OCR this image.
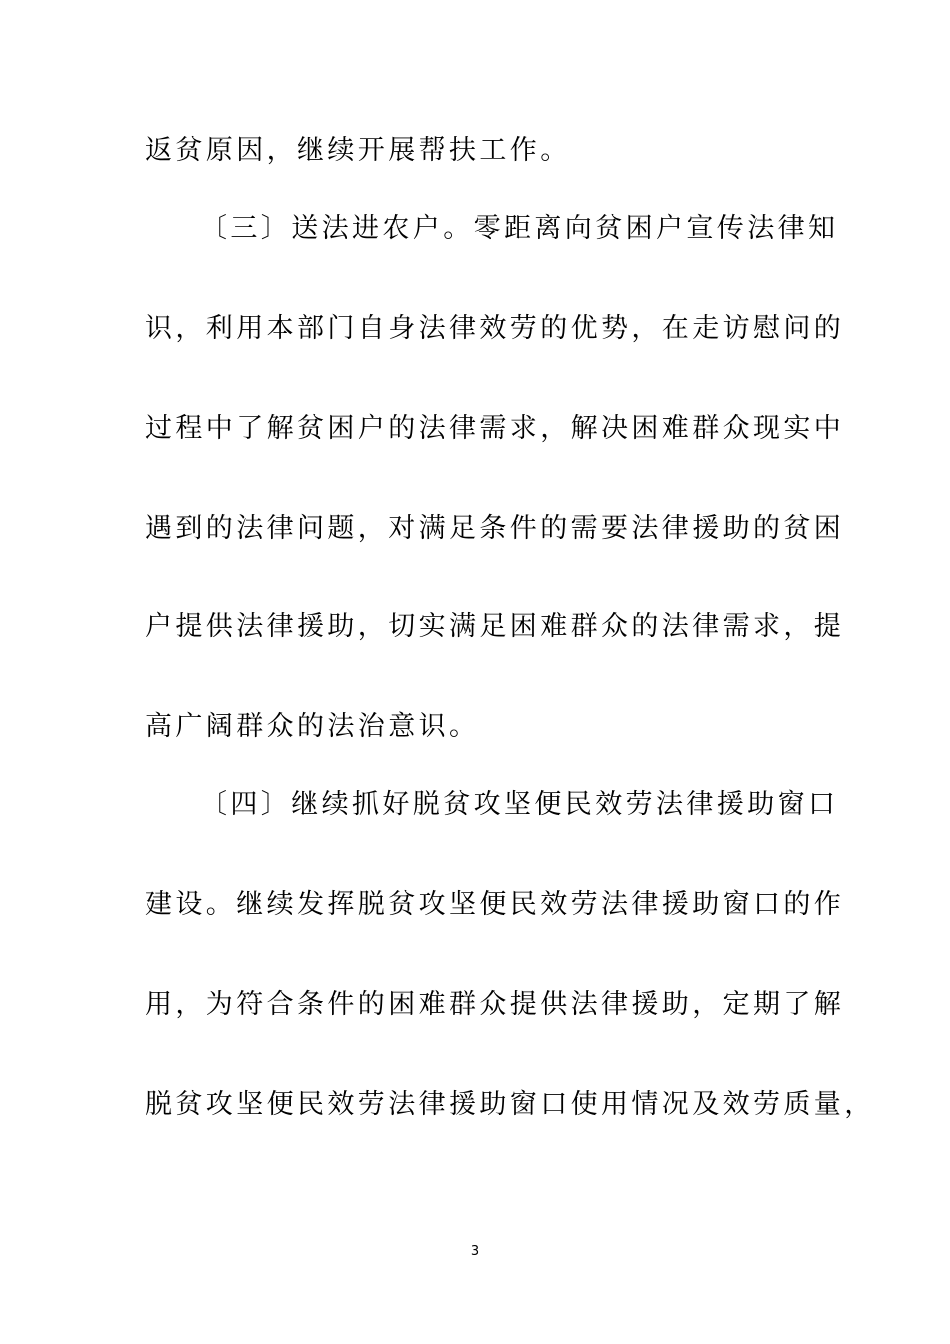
返贫原因，继续开展帮扶工作。
〔三〕送法进农户。零距离向贫困户宣传法律知
识，利用本部门自身法律效劳的优势，在走访慰问的
过程中了解贫困户的法律需求，解决困难群众现实中
遇到的法律问题，对满足条件的需要法律援助的贫困
户提供法律援助，切实满足困难群众的法律需求，提
高广阔群众的法治意识。
〔四〕继续抓好脱贫攻坚便民效劳法律援助窗口
建设。继续发挥脱贫攻坚便民效劳法律援助窗口的作
用，为符合条件的困难群众提供法律援助，定期了解
脱贫攻坚便民效劳法律援助窗口使用情况及效劳质量，
3
